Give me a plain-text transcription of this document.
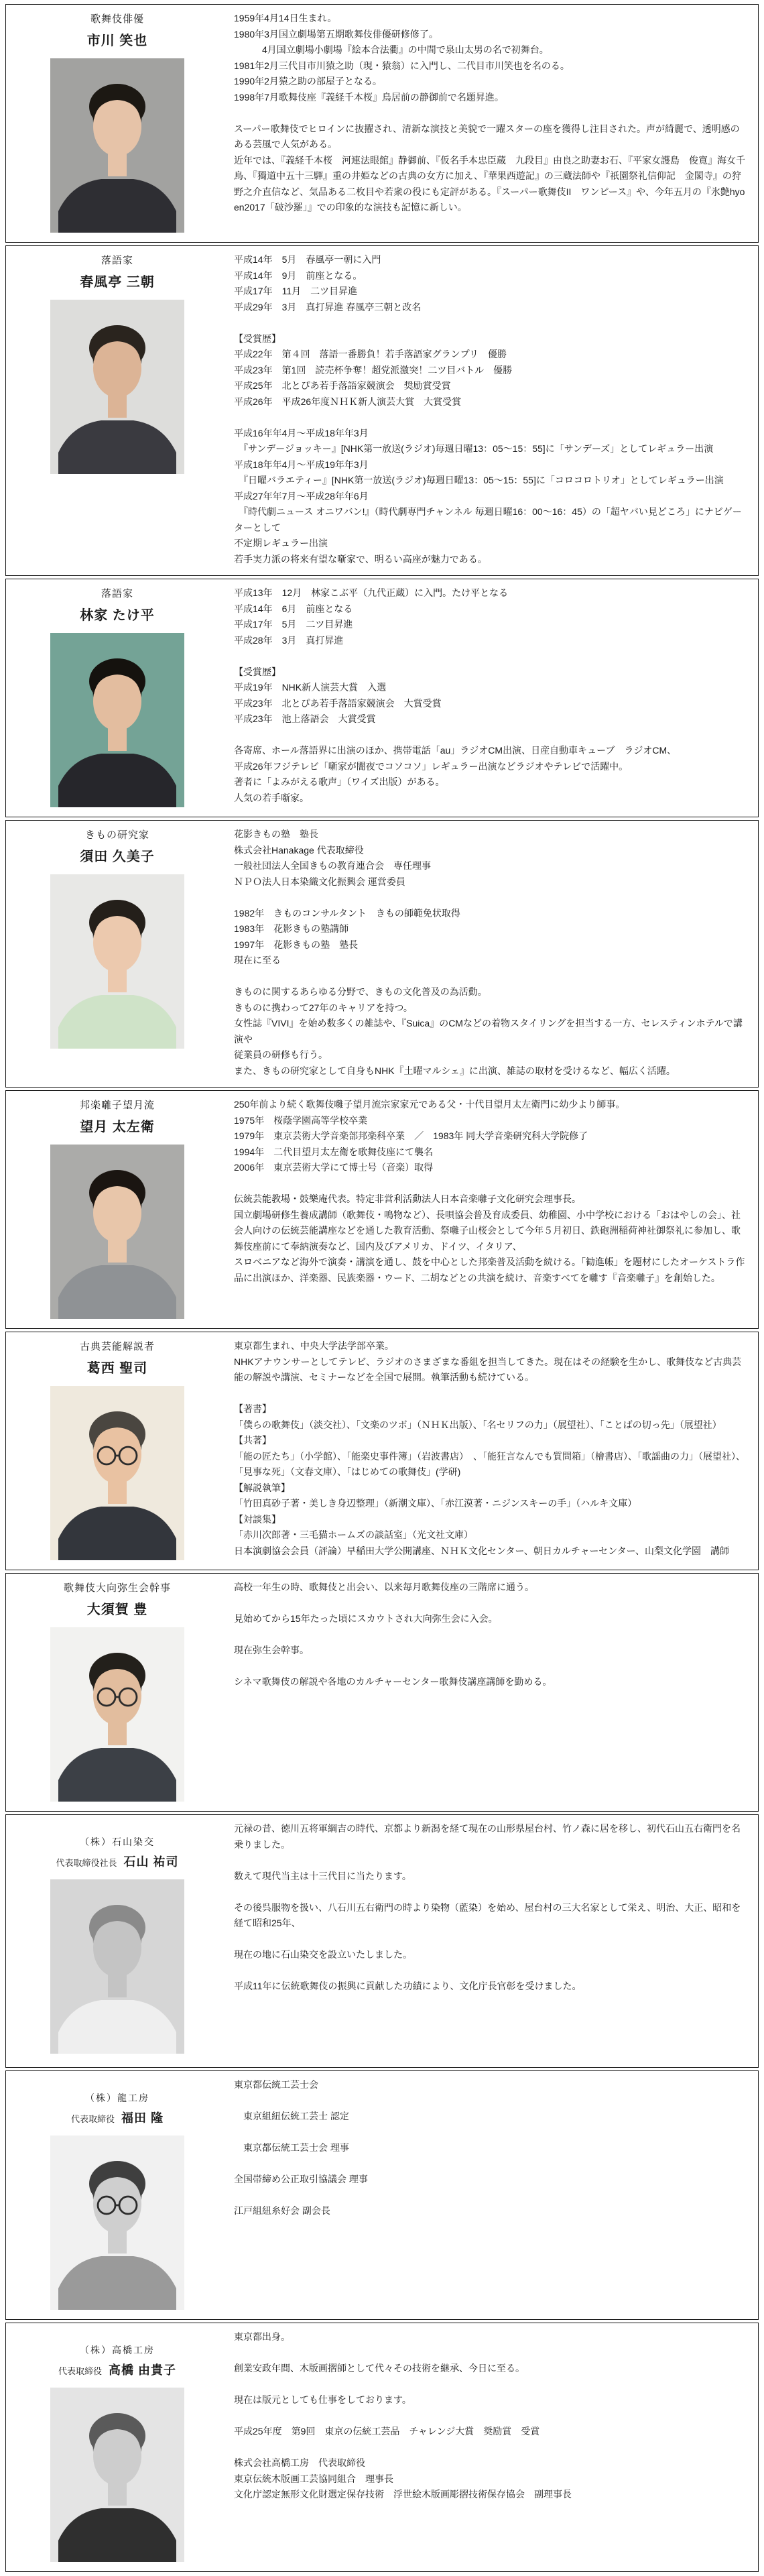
歌舞伎俳優
市川 笑也
1959年4月14日生まれ。
1980年3月国立劇場第五期歌舞伎俳優研修修了。
　　　4月国立劇場小劇場『絵本合法衢』の中間で泉山太男の名で初舞台。
1981年2月三代目市川猿之助（現・猿翁）に入門し、二代目市川笑也を名のる。
1990年2月猿之助の部屋子となる。
1998年7月歌舞伎座『義経千本桜』鳥居前の静御前で名題昇進。

スーパー歌舞伎でヒロインに抜擢され、清新な演技と美貌で一躍スターの座を獲得し注目された。声が綺麗で、透明感のある芸風で人気がある。
近年では、『義経千本桜　河連法眼館』静御前、『仮名手本忠臣蔵　九段目』由良之助妻お石、『平家女護島　俊寛』海女千鳥、『獨道中五十三驛』重の井姫などの古典の女方に加え、『華果西遊記』の三蔵法師や『祇園祭礼信仰記　金閣寺』の狩野之介直信など、気品ある二枚目や若衆の役にも定評がある。『スーパー歌舞伎II　ワンピース』や、今年五月の『氷艶hyoen2017「破沙羅」』での印象的な演技も記憶に新しい。
落語家
春風亭 三朝
平成14年　5月　春風亭一朝に入門
平成14年　9月　前座となる。
平成17年　11月　二ツ目昇進
平成29年　3月　真打昇進 春風亭三朝と改名

【受賞歴】
平成22年　第４回　落語一番勝負！若手落語家グランプリ　優勝
平成23年　第1回　読売杯争奪！超党派激突！二ツ目バトル　優勝
平成25年　北とぴあ若手落語家競演会　奨励賞受賞
平成26年　平成26年度ＮＨＫ新人演芸大賞　大賞受賞

平成16年年4月～平成18年年3月
　『サンデージョッキー』[NHK第一放送(ラジオ)毎週日曜13：05～15：55]に「サンデーズ」としてレギュラー出演
平成18年年4月～平成19年年3月
　『日曜バラエティー』[NHK第一放送(ラジオ)毎週日曜13：05～15：55]に「コロコロトリオ」としてレギュラー出演
平成27年年7月～平成28年年6月
　『時代劇ニュース オニワバン!』（時代劇専門チャンネル 毎週日曜16：00～16：45）の「超ヤバい見どころ」にナビゲーターとして
不定期レギュラー出演
若手実力派の将来有望な噺家で、明るい高座が魅力である。
落語家
林家 たけ平
平成13年　12月　林家こぶ平（九代正蔵）に入門。たけ平となる
平成14年　6月　前座となる
平成17年　5月　二ツ目昇進
平成28年　3月　真打昇進

【受賞歴】
平成19年　NHK新人演芸大賞　入選
平成23年　北とぴあ若手落語家競演会　大賞受賞
平成23年　池上落語会　大賞受賞

各寄席、ホール落語界に出演のほか、携帯電話「au」ラジオCM出演、日産自動車キューブ　ラジオCM、
平成26年フジテレビ「噺家が闇夜でコソコソ」レギュラー出演などラジオやテレビで活躍中。
著者に「よみがえる歌声」（ワイズ出版）がある。
人気の若手噺家。
きもの研究家
須田 久美子
花影きもの塾　塾長
株式会社Hanakage 代表取締役
一般社団法人全国きもの教育連合会　専任理事
ＮＰＯ法人日本染織文化振興会 運営委員

1982年　きものコンサルタント　きもの師範免状取得
1983年　花影きもの塾講師
1997年　花影きもの塾　塾長
現在に至る

きものに関するあらゆる分野で、きもの文化普及の為活動。
きものに携わって27年のキャリアを持つ。
女性誌『VIVI』を始め数多くの雑誌や、『Suica』のCMなどの着物スタイリングを担当する一方、セレスティンホテルで講演や
従業員の研修も行う。
また、きもの研究家として自身もNHK『土曜マルシェ』に出演、雑誌の取材を受けるなど、幅広く活躍。
邦楽囃子望月流
望月 太左衛
250年前より続く歌舞伎囃子望月流宗家家元である父・十代目望月太左衛門に幼少より師事。
1975年　桜蔭学園高等学校卒業
1979年　東京芸術大学音楽部邦楽科卒業　／　1983年 同大学音楽研究科大学院修了
1994年　二代目望月太左衛を歌舞伎座にて襲名
2006年　東京芸術大学にて博士号（音楽）取得

伝統芸能教場・鼓樂庵代表。特定非営利活動法人日本音楽囃子文化研究会理事長。
国立劇場研修生養成講師（歌舞伎・鳴物など）、長唄協会普及育成委員、幼稚園、小中学校における「おはやしの会」、社会人向けの伝統芸能講座などを通した教育活動、祭囃子山桜会として今年５月初日、鉄砲洲稲荷神社御祭礼に参加し、歌舞伎座前にて奉納演奏など、国内及びアメリカ、ドイツ、イタリア、
スロベニアなど海外で演奏・講演を通し、鼓を中心とした邦楽普及活動を続ける。「勧進帳」を題材にしたオーケストラ作品に出演ほか、洋楽器、民族楽器・ウード、二胡などとの共演を続け、音楽すべてを囃す『音楽囃子』を創始した。
古典芸能解説者
葛西 聖司
東京都生まれ、中央大学法学部卒業。
NHKアナウンサーとしてテレビ、ラジオのさまざまな番組を担当してきた。現在はその経験を生かし、歌舞伎など古典芸能の解説や講演、セミナーなどを全国で展開。執筆活動も続けている。

【著書】
「僕らの歌舞伎」（淡交社）、「文楽のツボ」（ＮＨＫ出版）、「名セリフの力」（展望社）、「ことばの切っ先」（展望社）
【共著】
「能の匠たち」（小学館）、「能楽史事件簿」（岩波書店）　、「能狂言なんでも質問箱」（檜書店）、「歌謡曲の力」（展望社）、
「見事な死」（文春文庫）、「はじめての歌舞伎」(学研)
【解説執筆】
「竹田真砂子著・美しき身辺整理」（新潮文庫）、「赤江漠著・ニジンスキーの手」（ハルキ文庫）
【対談集】
「赤川次郎著・三毛猫ホームズの談話室」（光文社文庫）
日本演劇協会会員（評論）早稲田大学公開講座、ＮＨＫ文化センター、朝日カルチャーセンター、山梨文化学園　講師
歌舞伎大向弥生会幹事
大須賀 豊
高校一年生の時、歌舞伎と出会い、以来毎月歌舞伎座の三階席に通う。

見始めてから15年たった頃にスカウトされ大向弥生会に入会。

現在弥生会幹事。

シネマ歌舞伎の解説や各地のカルチャーセンター歌舞伎講座講師を勤める。
（株）石山染交
代表取締役社長 石山 祐司
元禄の昔、徳川五将軍綱吉の時代、京都より新潟を経て現在の山形県屋台村、竹ノ森に居を移し、初代石山五右衛門を名乗りました。

数えて現代当主は十三代目に当たります。

その後呉服物を扱い、八石川五右衛門の時より染物（藍染）を始め、屋台村の三大名家として栄え、明治、大正、昭和を経て昭和25年、

現在の地に石山染交を設立いたしました。

平成11年に伝統歌舞伎の振興に貢献した功績により、文化庁長官彰を受けました。
（株）龍工房
代表取締役 福田 隆
東京都伝統工芸士会

　東京組紐伝統工芸士 認定

　東京都伝統工芸士会 理事

全国帯締め公正取引協議会 理事

江戸組紐糸好会 副会長
（株）高橋工房
代表取締役 高橋 由貴子
東京都出身。

創業安政年間、木版画摺師として代々その技術を継承、今日に至る。

現在は版元としても仕事をしております。

平成25年度　第9回　東京の伝統工芸品　チャレンジ大賞　奨励賞　受賞

株式会社高橋工房　代表取締役
東京伝統木版画工芸協同組合　理事長
文化庁認定無形文化財選定保存技術　浮世絵木版画彫摺技術保存協会　副理事長
